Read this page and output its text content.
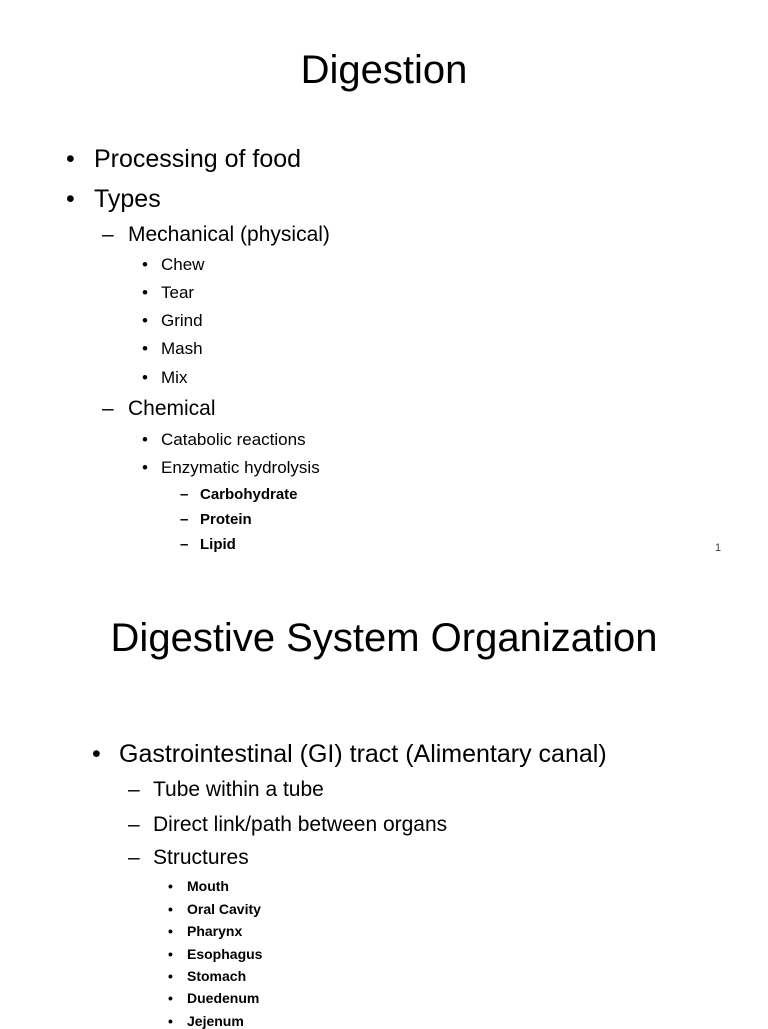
Digestion
• Processing of food
• Types
– Mechanical (physical)
• Chew
• Tear
• Grind
• Mash
• Mix
– Chemical
• Catabolic reactions
• Enzymatic hydrolysis
– Carbohydrate
– Protein
– Lipid	1
Digestive System Organization
• Gastrointestinal (GI) tract (Alimentary canal)
– Tube within a tube
– Direct link/path between organs
– Structures
• Mouth
• Oral Cavity
• Pharynx
• Esophagus
• Stomach
• Duedenum
• Jejenum
